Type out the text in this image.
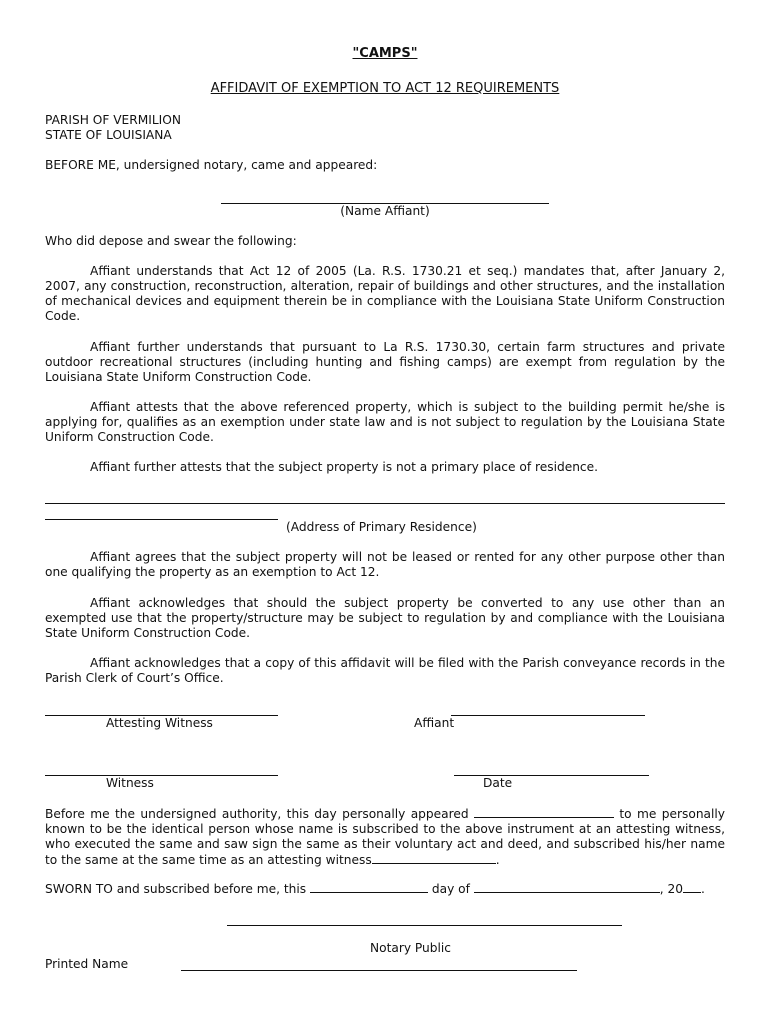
"CAMPS"
AFFIDAVIT OF EXEMPTION TO ACT 12 REQUIREMENTS
PARISH OF VERMILION
STATE OF LOUISIANA
BEFORE ME, undersigned notary, came and appeared:
(Name Affiant)
Who did depose and swear the following:
Affiant understands that Act 12 of 2005 (La. R.S. 1730.21 et seq.) mandates that, after January 2, 2007, any construction, reconstruction, alteration, repair of buildings and other structures, and the installation of mechanical devices and equipment therein be in compliance with the Louisiana State Uniform Construction Code.
Affiant further understands that pursuant to La R.S. 1730.30, certain farm structures and private outdoor recreational structures (including hunting and fishing camps) are exempt from regulation by the Louisiana State Uniform Construction Code.
Affiant attests that the above referenced property, which is subject to the building permit he/she is applying for, qualifies as an exemption under state law and is not subject to regulation by the Louisiana State Uniform Construction Code.
Affiant further attests that the subject property is not a primary place of residence.
(Address of Primary Residence)
Affiant agrees that the subject property will not be leased or rented for any other purpose other than one qualifying the property as an exemption to Act 12.
Affiant acknowledges that should the subject property be converted to any use other than an exempted use that the property/structure may be subject to regulation by and compliance with the Louisiana State Uniform Construction Code.
Affiant acknowledges that a copy of this affidavit will be filed with the Parish conveyance records in the Parish Clerk of Court’s Office.
Attesting Witness	Affiant
Witness	Date
Before me the undersigned authority, this day personally appeared	to me personally known to be the identical person whose name is subscribed to the above instrument at an attesting witness, who executed the same and saw sign the same as their voluntary act and deed, and subscribed his/her name to the same at the same time as an attesting witness	.
SWORN TO and subscribed before me, this	day of	, 20 .
Notary Public
Printed Name
